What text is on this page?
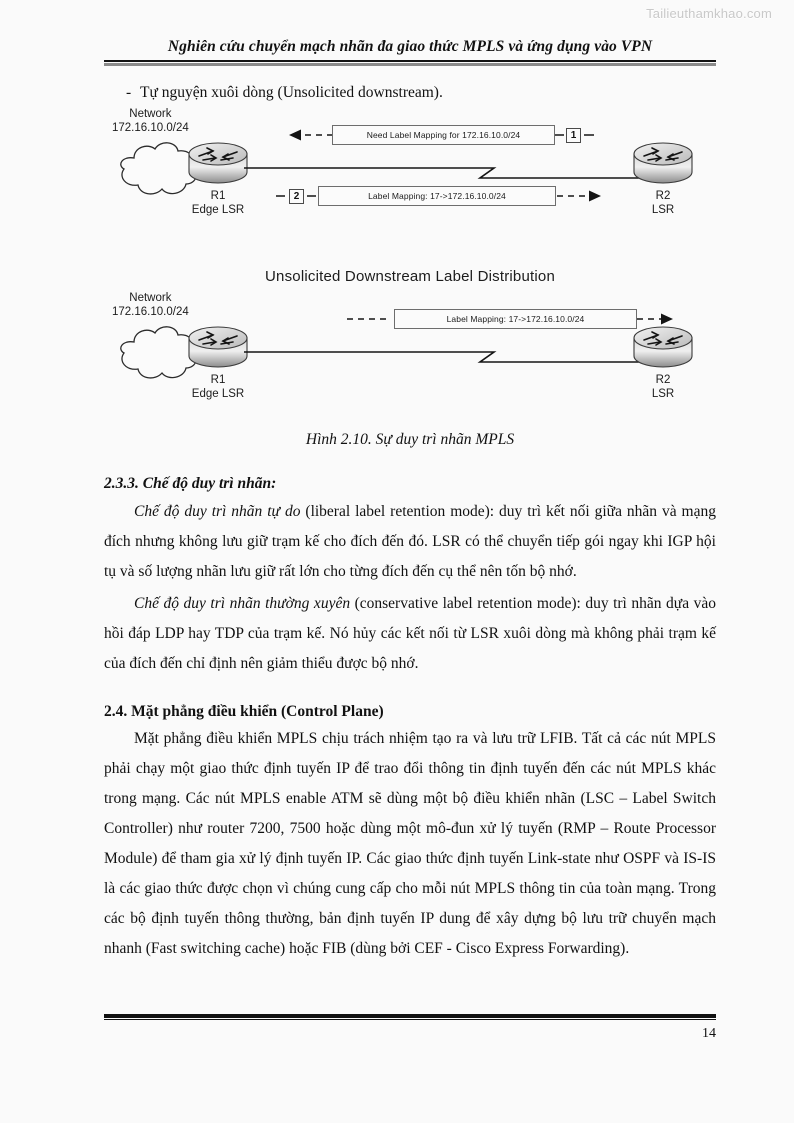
Tailieuthamkhao.com
Nghiên cứu chuyển mạch nhãn đa giao thức MPLS và ứng dụng vào VPN
- Tự nguyện xuôi dòng (Unsolicited downstream).
Network
172.16.10.0/24
R1
Edge LSR
Need Label Mapping for 172.16.10.0/24	1
2	Label Mapping: 17->172.16.10.0/24	R2
LSR
Unsolicited Downstream Label Distribution
Network
172.16.10.0/24
R1
Edge LSR
Label Mapping: 17->172.16.10.0/24
R2
LSR
Hình 2.10. Sự duy trì nhãn MPLS
2.3.3. Chế độ duy trì nhãn:

Chế độ duy trì nhãn tự do (liberal label retention mode): duy trì kết nối giữa nhãn và mạng đích nhưng không lưu giữ trạm kế cho đích đến đó. LSR có thể chuyển tiếp gói ngay khi IGP hội tụ và số lượng nhãn lưu giữ rất lớn cho từng đích đến cụ thể nên tốn bộ nhớ.

Chế độ duy trì nhãn thường xuyên (conservative label retention mode): duy trì nhãn dựa vào hồi đáp LDP hay TDP của trạm kế. Nó hủy các kết nối từ LSR xuôi dòng mà không phải trạm kế của đích đến chỉ định nên giảm thiểu được bộ nhớ.

2.4. Mặt phẳng điều khiển (Control Plane)

Mặt phẳng điều khiển MPLS chịu trách nhiệm tạo ra và lưu trữ LFIB. Tất cả các nút MPLS phải chạy một giao thức định tuyến IP để trao đổi thông tin định tuyến đến các nút MPLS khác trong mạng. Các nút MPLS enable ATM sẽ dùng một bộ điều khiển nhãn (LSC – Label Switch Controller) như router 7200, 7500 hoặc dùng một mô-đun xử lý tuyến (RMP – Route Processor Module) để tham gia xử lý định tuyến IP. Các giao thức định tuyến Link-state như OSPF và IS-IS là các giao thức được chọn vì chúng cung cấp cho mỗi nút MPLS thông tin của toàn mạng. Trong các bộ định tuyến thông thường, bản định tuyến IP dung để xây dựng bộ lưu trữ chuyển mạch nhanh (Fast switching cache) hoặc FIB (dùng bởi CEF - Cisco Express Forwarding).

14
